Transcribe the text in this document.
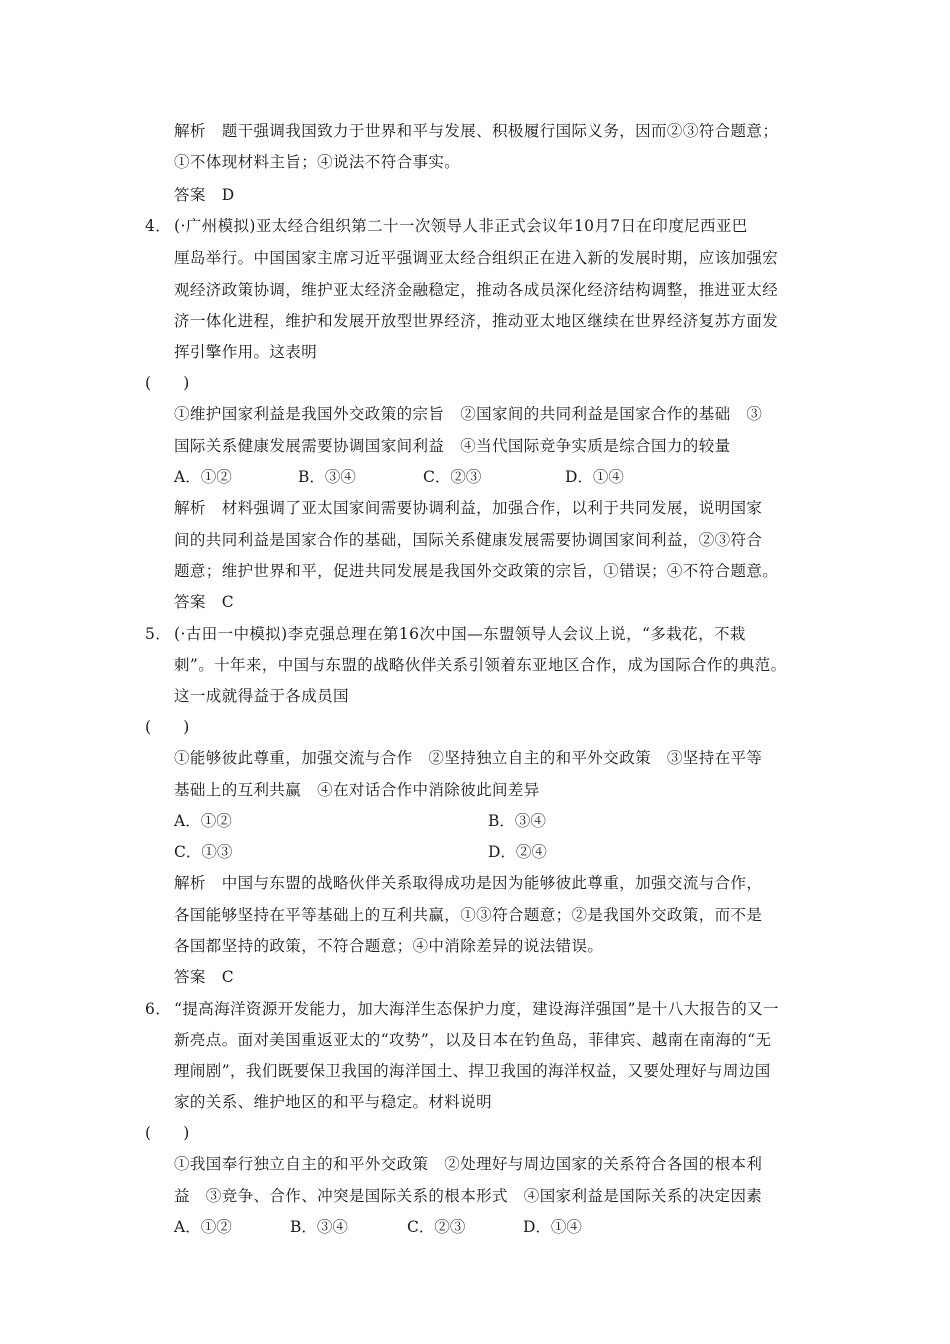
解析　 题干强调我国致力于世界和平与发展、积极履行国际义务，因而②③符合题意；
①不体现材料主旨；④说法不符合事实。
答案　 D
4． (·广州模拟)亚太经合组织第二十一次领导人非正式会议年10月7日在印度尼西亚巴
厘岛举行。中国国家主席习近平强调亚太经合组织正在进入新的发展时期，应该加强宏
观经济政策协调，维护亚太经济金融稳定，推动各成员深化经济结构调整，推进亚太经
济一体化进程，维护和发展开放型世界经济，推动亚太地区继续在世界经济复苏方面发
挥引擎作用。这表明
(　　)
①维护国家利益是我国外交政策的宗旨　②国家间的共同利益是国家合作的基础　③
国际关系健康发展需要协调国家间利益　④当代国际竞争实质是综合国力的较量
A．①②	B．③④	C．②③	D．①④
解析　 材料强调了亚太国家间需要协调利益，加强合作，以利于共同发展，说明国家
间的共同利益是国家合作的基础，国际关系健康发展需要协调国家间利益，②③符合
题意；维护世界和平，促进共同发展是我国外交政策的宗旨，①错误；④不符合题意。
答案　 C
5． (·古田一中模拟)李克强总理在第16次中国—东盟领导人会议上说，“多栽花，不栽
刺”。十年来，中国与东盟的战略伙伴关系引领着东亚地区合作，成为国际合作的典范。
这一成就得益于各成员国
(　　)
①能够彼此尊重，加强交流与合作　②坚持独立自主的和平外交政策　③坚持在平等
基础上的互利共赢　④在对话合作中消除彼此间差异
A．①②	B．③④
C．①③	D．②④
解析　 中国与东盟的战略伙伴关系取得成功是因为能够彼此尊重，加强交流与合作，
各国能够坚持在平等基础上的互利共赢，①③符合题意；②是我国外交政策，而不是
各国都坚持的政策，不符合题意；④中消除差异的说法错误。
答案　 C
6． “提高海洋资源开发能力，加大海洋生态保护力度，建设海洋强国”是十八大报告的又一
新亮点。面对美国重返亚太的“攻势”，以及日本在钓鱼岛，菲律宾、越南在南海的“无
理闹剧”，我们既要保卫我国的海洋国土、捍卫我国的海洋权益，又要处理好与周边国
家的关系、维护地区的和平与稳定。材料说明
(　　)
①我国奉行独立自主的和平外交政策　②处理好与周边国家的关系符合各国的根本利
益　③竞争、合作、冲突是国际关系的根本形式　④国家利益是国际关系的决定因素
A．①②	B．③④	C．②③	D．①④
